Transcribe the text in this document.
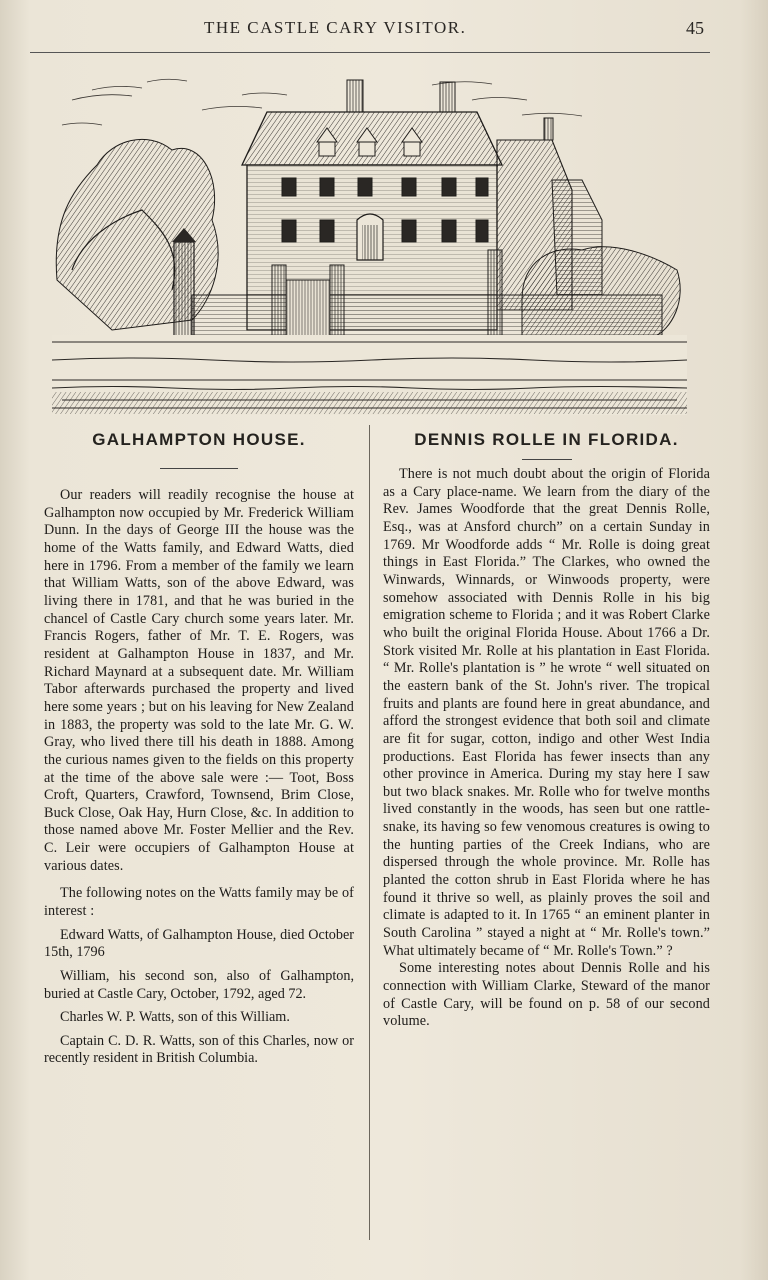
THE CASTLE CARY VISITOR.	45
GALHAMPTON HOUSE.

Our readers will readily recognise the house at Galhampton now occupied by Mr. Frederick William Dunn. In the days of George III the house was the home of the Watts family, and Edward Watts, died here in 1796. From a member of the family we learn that William Watts, son of the above Edward, was living there in 1781, and that he was buried in the chancel of Castle Cary church some years later. Mr. Francis Rogers, father of Mr. T. E. Rogers, was resident at Galhampton House in 1837, and Mr. Richard Maynard at a subsequent date. Mr. William Tabor afterwards purchased the property and lived here some years ; but on his leaving for New Zealand in 1883, the property was sold to the late Mr. G. W. Gray, who lived there till his death in 1888. Among the curious names given to the fields on this property at the time of the above sale were :— Toot, Boss Croft, Quarters, Crawford, Townsend, Brim Close, Buck Close, Oak Hay, Hurn Close, &c. In addition to those named above Mr. Foster Mellier and the Rev. C. Leir were occupiers of Galhampton House at various dates.

The following notes on the Watts family may be of interest :

Edward Watts, of Galhampton House, died October 15th, 1796

William, his second son, also of Galhampton, buried at Castle Cary, October, 1792, aged 72.

Charles W. P. Watts, son of this William.

Captain C. D. R. Watts, son of this Charles, now or recently resident in British Columbia.

DENNIS ROLLE IN FLORIDA.

There is not much doubt about the origin of Florida as a Cary place-name. We learn from the diary of the Rev. James Woodforde that the great Dennis Rolle, Esq., was at Ansford church” on a certain Sunday in 1769. Mr Woodforde adds “ Mr. Rolle is doing great things in East Florida.” The Clarkes, who owned the Winwards, Winnards, or Winwoods property, were somehow associated with Dennis Rolle in his big emigration scheme to Florida ; and it was Robert Clarke who built the original Florida House. About 1766 a Dr. Stork visited Mr. Rolle at his plantation in East Florida. “ Mr. Rolle's plantation is ” he wrote “ well situated on the eastern bank of the St. John's river. The tropical fruits and plants are found here in great abundance, and afford the strongest evidence that both soil and climate are fit for sugar, cotton, indigo and other West India productions. East Florida has fewer insects than any other province in America. During my stay here I saw but two black snakes. Mr. Rolle who for twelve months lived constantly in the woods, has seen but one rattle-snake, its having so few venomous creatures is owing to the hunting parties of the Creek Indians, who are dispersed through the whole province. Mr. Rolle has planted the cotton shrub in East Florida where he has found it thrive so well, as plainly proves the soil and climate is adapted to it. In 1765 “ an eminent planter in South Carolina ” stayed a night at “ Mr. Rolle's town.” What ultimately became of “ Mr. Rolle's Town.” ?

Some interesting notes about Dennis Rolle and his connection with William Clarke, Steward of the manor of Castle Cary, will be found on p. 58 of our second volume.
